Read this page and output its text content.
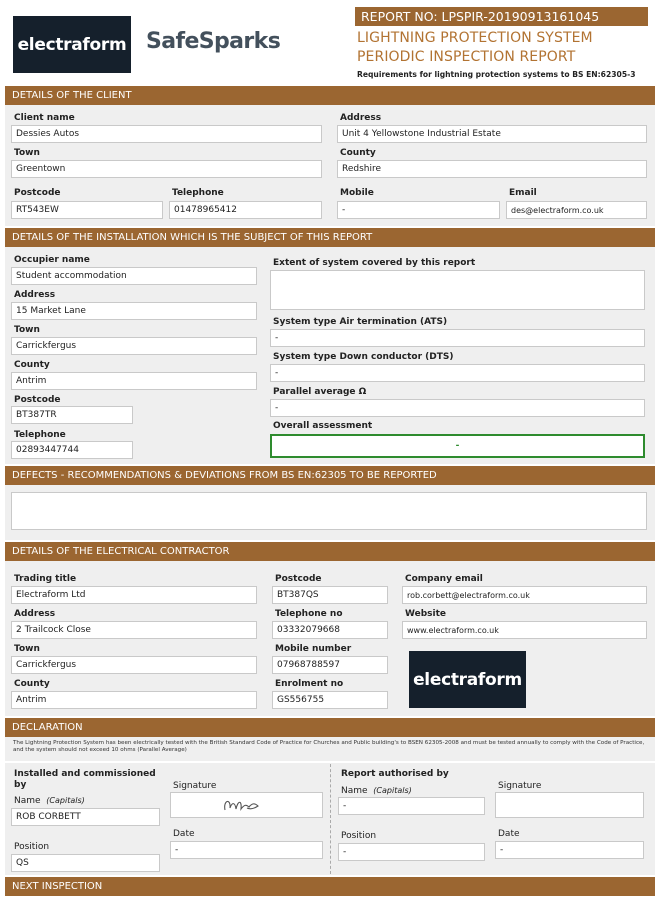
electraform SafeSparks
REPORT NO: LPSPIR-20190913161045
LIGHTNING PROTECTION SYSTEM
PERIODIC INSPECTION REPORT
Requirements for lightning protection systems to BS EN:62305-3
DETAILS OF THE CLIENT
Client name
Dessies Autos
Address
Unit 4 Yellowstone Industrial Estate
Town
Greentown
County
Redshire
Postcode
RT543EW
Telephone
01478965412
Mobile
-
Email
des@electraform.co.uk
DETAILS OF THE INSTALLATION WHICH IS THE SUBJECT OF THIS REPORT
Occupier name
Student accommodation
Address
15 Market Lane
Town
Carrickfergus
County
Antrim
Postcode
BT387TR
Telephone
02893447744
Extent of system covered by this report
System type Air termination (ATS)
-
System type Down conductor (DTS)
-
Parallel average Ω
-
Overall assessment
-
DEFECTS - RECOMMENDATIONS & DEVIATIONS FROM BS EN:62305 TO BE REPORTED
DETAILS OF THE ELECTRICAL CONTRACTOR
Trading title
Electraform Ltd
Address
2 Trailcock Close
Town
Carrickfergus
County
Antrim
Postcode
BT387QS
Telephone no
03332079668
Mobile number
07968788597
Enrolment no
GS556755
Company email
rob.corbett@electraform.co.uk
Website
www.electraform.co.uk
electraform
DECLARATION
The Lightning Protection System has been electrically tested with the British Standard Code of Practice for Churches and Public building's to BSEN 62305-2008 and must be tested annually to comply with the Code of Practice, and the system should not exceed 10 ohms (Parallel Average)
Installed and commissioned by
Name (Capitals)
ROB CORBETT
Position
QS
Signature
Date
-
Report authorised by
Name (Capitals)
-
Position
-
Signature
Date
-
NEXT INSPECTION
